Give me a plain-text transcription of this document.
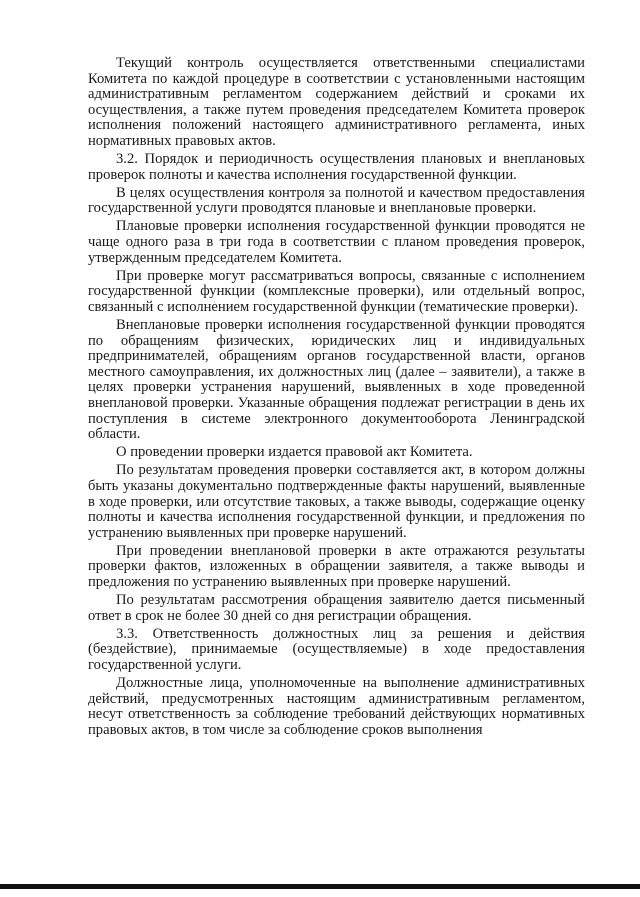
Текущий контроль осуществляется ответственными специалистами Комитета по каждой процедуре в соответствии с установленными настоящим административным регламентом содержанием действий и сроками их осуществления, а также путем проведения председателем Комитета проверок исполнения положений настоящего административного регламента, иных нормативных правовых актов.

3.2. Порядок и периодичность осуществления плановых и внеплановых проверок полноты и качества исполнения государственной функции.

В целях осуществления контроля за полнотой и качеством предоставления государственной услуги проводятся плановые и внеплановые проверки.

Плановые проверки исполнения государственной функции проводятся не чаще одного раза в три года в соответствии с планом проведения проверок, утвержденным председателем Комитета.

При проверке могут рассматриваться вопросы, связанные с исполнением государственной функции (комплексные проверки), или отдельный вопрос, связанный с исполнением государственной функции (тематические проверки).

Внеплановые проверки исполнения государственной функции проводятся по обращениям физических, юридических лиц и индивидуальных предпринимателей, обращениям органов государственной власти, органов местного самоуправления, их должностных лиц (далее – заявители), а также в целях проверки устранения нарушений, выявленных в ходе проведенной внеплановой проверки. Указанные обращения подлежат регистрации в день их поступления в системе электронного документооборота Ленинградской области.

О проведении проверки издается правовой акт Комитета.

По результатам проведения проверки составляется акт, в котором должны быть указаны документально подтвержденные факты нарушений, выявленные в ходе проверки, или отсутствие таковых, а также выводы, содержащие оценку полноты и качества исполнения государственной функции, и предложения по устранению выявленных при проверке нарушений.

При проведении внеплановой проверки в акте отражаются результаты проверки фактов, изложенных в обращении заявителя, а также выводы и предложения по устранению выявленных при проверке нарушений.

По результатам рассмотрения обращения заявителю дается письменный ответ в срок не более 30 дней со дня регистрации обращения.

3.3. Ответственность должностных лиц за решения и действия (бездействие), принимаемые (осуществляемые) в ходе предоставления государственной услуги.

Должностные лица, уполномоченные на выполнение административных действий, предусмотренных настоящим административным регламентом, несут ответственность за соблюдение требований действующих нормативных правовых актов, в том числе за соблюдение сроков выполнения
